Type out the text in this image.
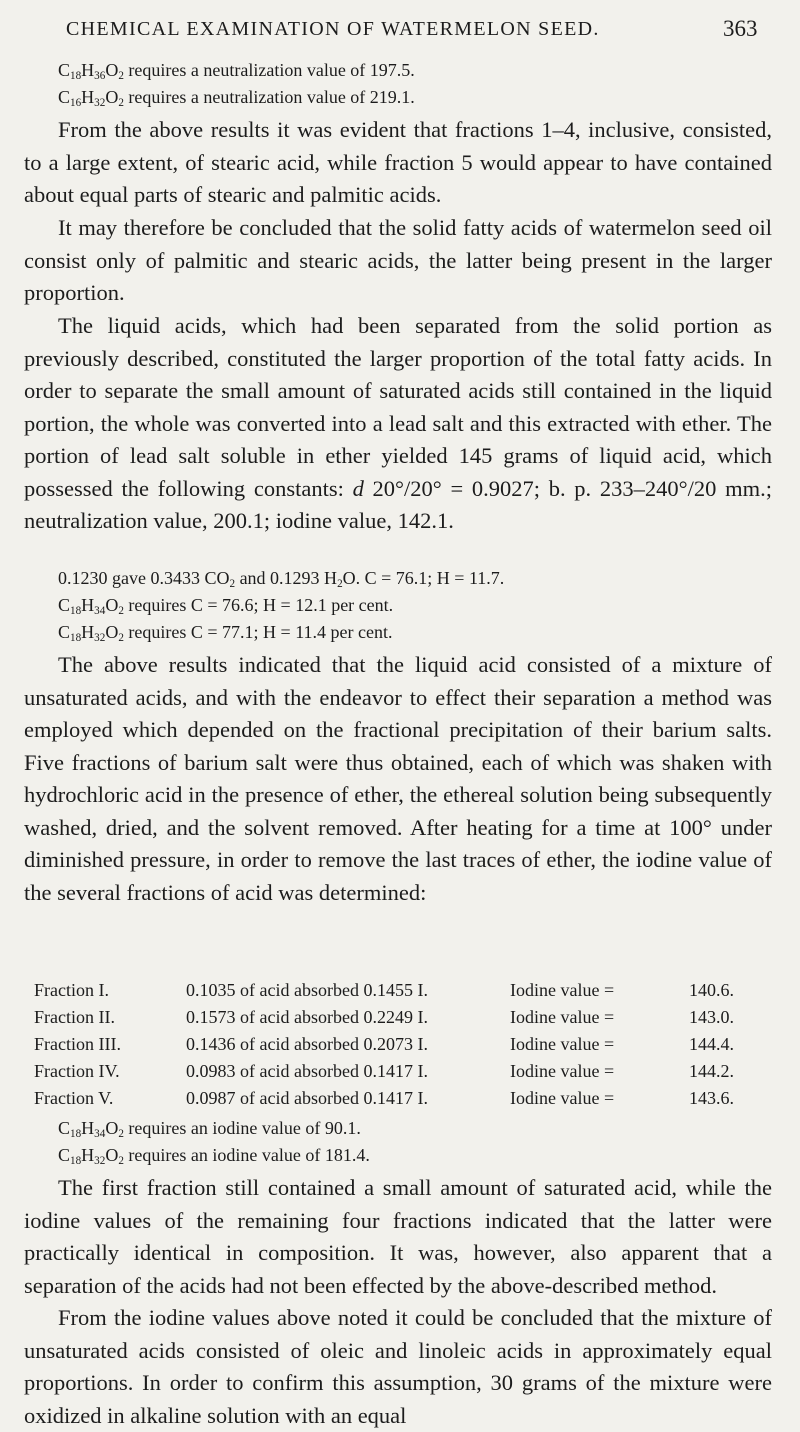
CHEMICAL EXAMINATION OF WATERMELON SEED.	363
$C_{18}H_{36}O_2$ requires a neutralization value of 197.5.
$C_{16}H_{32}O_2$ requires a neutralization value of 219.1.

From the above results it was evident that fractions 1–4, inclusive, consisted, to a large extent, of stearic acid, while fraction 5 would appear to have contained about equal parts of stearic and palmitic acids.

It may therefore be concluded that the solid fatty acids of watermelon seed oil consist only of palmitic and stearic acids, the latter being present in the larger proportion.

The liquid acids, which had been separated from the solid portion as previously described, constituted the larger proportion of the total fatty acids. In order to separate the small amount of saturated acids still contained in the liquid portion, the whole was converted into a lead salt and this extracted with ether. The portion of lead salt soluble in ether yielded 145 grams of liquid acid, which possessed the following constants: d 20°/20° = 0.9027; b. p. 233–240°/20 mm.; neutralization value, 200.1; iodine value, 142.1.

0.1230 gave 0.3433 $CO_2$ and 0.1293 $H_2O$. C = 76.1; H = 11.7.
$C_{18}H_{34}O_2$ requires C = 76.6; H = 12.1 per cent.
$C_{18}H_{32}O_2$ requires C = 77.1; H = 11.4 per cent.

The above results indicated that the liquid acid consisted of a mixture of unsaturated acids, and with the endeavor to effect their separation a method was employed which depended on the fractional precipitation of their barium salts. Five fractions of barium salt were thus obtained, each of which was shaken with hydrochloric acid in the presence of ether, the ethereal solution being subsequently washed, dried, and the solvent removed. After heating for a time at 100° under diminished pressure, in order to remove the last traces of ether, the iodine value of the several fractions of acid was determined:

Fraction I.	0.1035 of acid absorbed 0.1455 I.	Iodine value =	140.6.
Fraction II.	0.1573 of acid absorbed 0.2249 I.	Iodine value =	143.0.
Fraction III.	0.1436 of acid absorbed 0.2073 I.	Iodine value =	144.4.
Fraction IV.	0.0983 of acid absorbed 0.1417 I.	Iodine value =	144.2.
Fraction V.	0.0987 of acid absorbed 0.1417 I.	Iodine value =	143.6.
$C_{18}H_{34}O_2$ requires an iodine value of 90.1.
$C_{18}H_{32}O_2$ requires an iodine value of 181.4.

The first fraction still contained a small amount of saturated acid, while the iodine values of the remaining four fractions indicated that the latter were practically identical in composition. It was, however, also apparent that a separation of the acids had not been effected by the above-described method.

From the iodine values above noted it could be concluded that the mixture of unsaturated acids consisted of oleic and linoleic acids in approximately equal proportions. In order to confirm this assumption, 30 grams of the mixture were oxidized in alkaline solution with an equal
